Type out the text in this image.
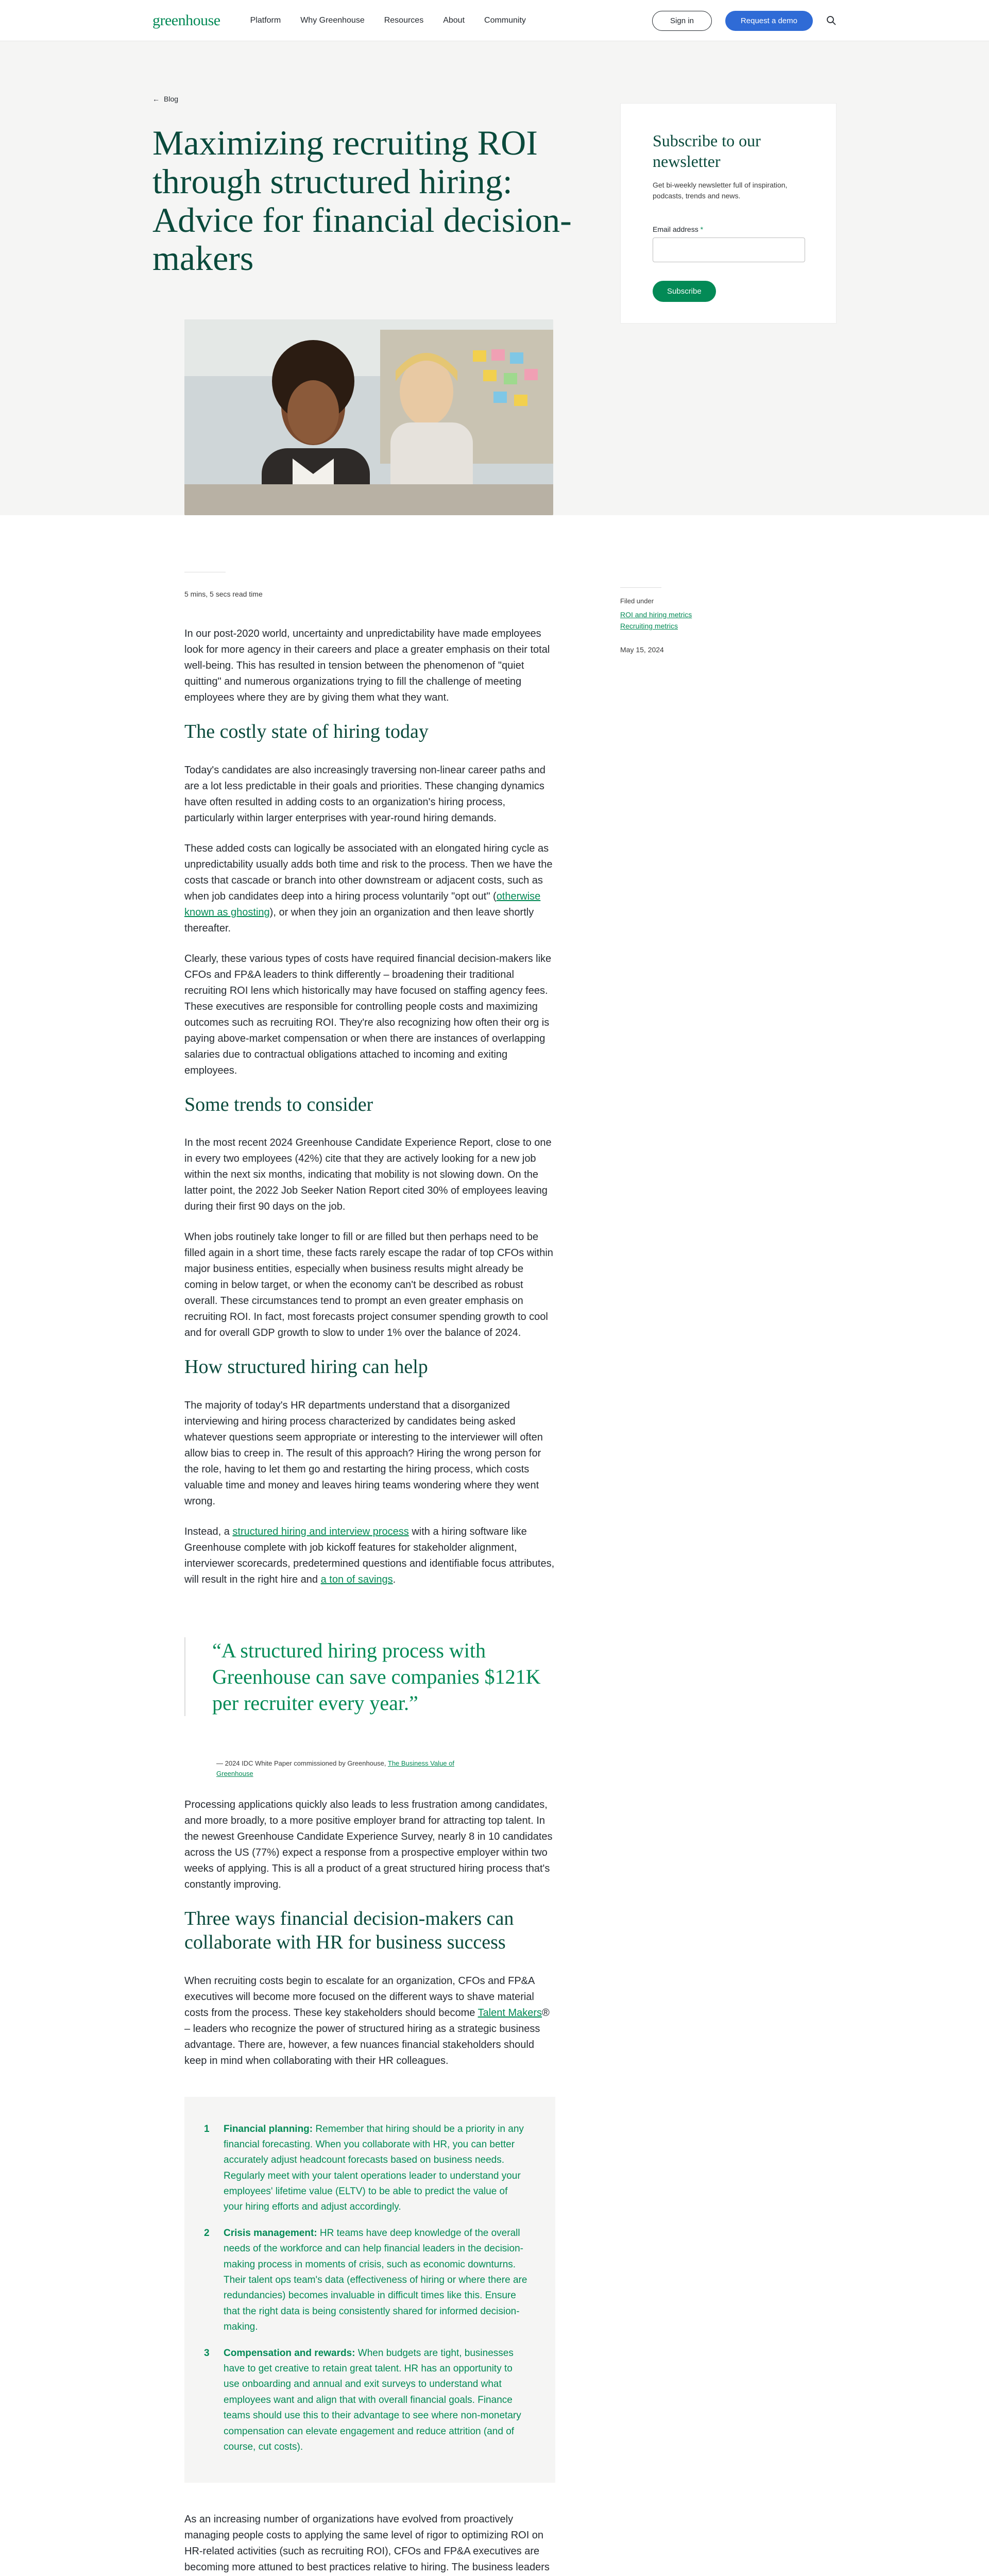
greenhouse	Platform Why Greenhouse Resources About Community	Sign in	Request a demo
← Blog
Maximizing recruiting ROI through structured hiring: Advice for financial decision-makers
Subscribe to our newsletter

Get bi-weekly newsletter full of inspiration, podcasts, trends and news.

Email address *
Subscribe
5 mins, 5 secs read time

In our post-2020 world, uncertainty and unpredictability have made employees look for more agency in their careers and place a greater emphasis on their total well-being. This has resulted in tension between the phenomenon of "quiet quitting" and numerous organizations trying to fill the challenge of meeting employees where they are by giving them what they want.

The costly state of hiring today

Today's candidates are also increasingly traversing non-linear career paths and are a lot less predictable in their goals and priorities. These changing dynamics have often resulted in adding costs to an organization's hiring process, particularly within larger enterprises with year-round hiring demands.

These added costs can logically be associated with an elongated hiring cycle as unpredictability usually adds both time and risk to the process. Then we have the costs that cascade or branch into other downstream or adjacent costs, such as when job candidates deep into a hiring process voluntarily "opt out" (otherwise known as ghosting), or when they join an organization and then leave shortly thereafter.

Clearly, these various types of costs have required financial decision-makers like CFOs and FP&A leaders to think differently – broadening their traditional recruiting ROI lens which historically may have focused on staffing agency fees. These executives are responsible for controlling people costs and maximizing outcomes such as recruiting ROI. They're also recognizing how often their org is paying above-market compensation or when there are instances of overlapping salaries due to contractual obligations attached to incoming and exiting employees.

Some trends to consider

In the most recent 2024 Greenhouse Candidate Experience Report, close to one in every two employees (42%) cite that they are actively looking for a new job within the next six months, indicating that mobility is not slowing down. On the latter point, the 2022 Job Seeker Nation Report cited 30% of employees leaving during their first 90 days on the job.

When jobs routinely take longer to fill or are filled but then perhaps need to be filled again in a short time, these facts rarely escape the radar of top CFOs within major business entities, especially when business results might already be coming in below target, or when the economy can't be described as robust overall. These circumstances tend to prompt an even greater emphasis on recruiting ROI. In fact, most forecasts project consumer spending growth to cool and for overall GDP growth to slow to under 1% over the balance of 2024.

How structured hiring can help

The majority of today's HR departments understand that a disorganized interviewing and hiring process characterized by candidates being asked whatever questions seem appropriate or interesting to the interviewer will often allow bias to creep in. The result of this approach? Hiring the wrong person for the role, having to let them go and restarting the hiring process, which costs valuable time and money and leaves hiring teams wondering where they went wrong.

Instead, a structured hiring and interview process with a hiring software like Greenhouse complete with job kickoff features for stakeholder alignment, interviewer scorecards, predetermined questions and identifiable focus attributes, will result in the right hire and a ton of savings.

“A structured hiring process with Greenhouse can save companies $121K per recruiter every year.”
— 2024 IDC White Paper commissioned by Greenhouse, The Business Value of Greenhouse

Processing applications quickly also leads to less frustration among candidates, and more broadly, to a more positive employer brand for attracting top talent. In the newest Greenhouse Candidate Experience Survey, nearly 8 in 10 candidates across the US (77%) expect a response from a prospective employer within two weeks of applying. This is all a product of a great structured hiring process that's constantly improving.

Three ways financial decision-makers can collaborate with HR for business success

When recruiting costs begin to escalate for an organization, CFOs and FP&A executives will become more focused on the different ways to shave material costs from the process. These key stakeholders should become Talent Makers® – leaders who recognize the power of structured hiring as a strategic business advantage. There are, however, a few nuances financial stakeholders should keep in mind when collaborating with their HR colleagues.

1 Financial planning: Remember that hiring should be a priority in any financial forecasting. When you collaborate with HR, you can better accurately adjust headcount forecasts based on business needs. Regularly meet with your talent operations leader to understand your employees' lifetime value (ELTV) to be able to predict the value of your hiring efforts and adjust accordingly.
2 Crisis management: HR teams have deep knowledge of the overall needs of the workforce and can help financial leaders in the decision-making process in moments of crisis, such as economic downturns. Their talent ops team's data (effectiveness of hiring or where there are redundancies) becomes invaluable in difficult times like this. Ensure that the right data is being consistently shared for informed decision-making.
3 Compensation and rewards: When budgets are tight, businesses have to get creative to retain great talent. HR has an opportunity to use onboarding and annual and exit surveys to understand what employees want and align that with overall financial goals. Finance teams should use this to their advantage to see where non-monetary compensation can elevate engagement and reduce attrition (and of course, cut costs).

As an increasing number of organizations have evolved from proactively managing people costs to applying the same level of rigor to optimizing ROI on HR-related activities (such as recruiting ROI), CFOs and FP&A executives are becoming more attuned to best practices relative to hiring. The business leaders

Filed under
ROI and hiring metrics
Recruiting metrics
May 15, 2024
